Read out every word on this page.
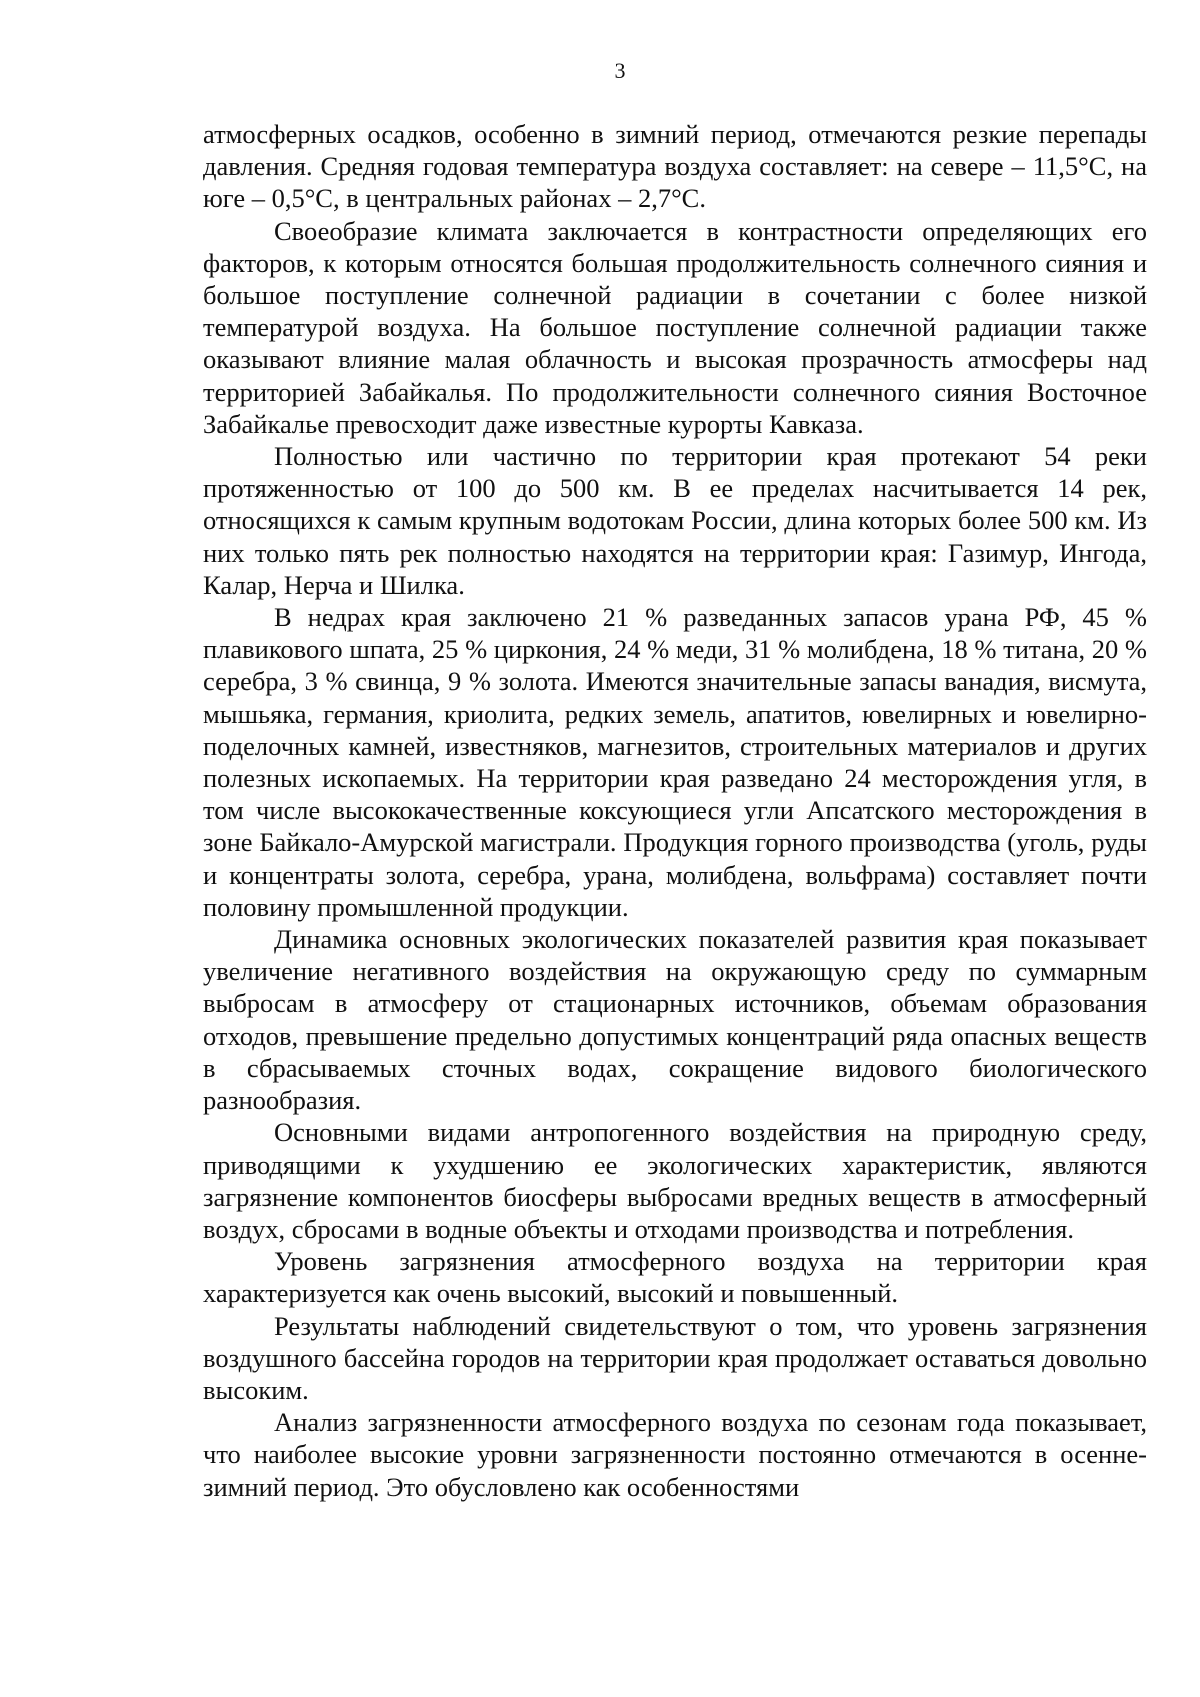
3

атмосферных осадков, особенно в зимний период, отмечаются резкие перепады давления. Средняя годовая температура воздуха составляет: на севере – 11,5°С, на юге – 0,5°С, в центральных районах – 2,7°С.

Своеобразие климата заключается в контрастности определяющих его факторов, к которым относятся большая продолжительность солнечного сияния и большое поступление солнечной радиации в сочетании с более низкой температурой воздуха. На большое поступление солнечной радиации также оказывают влияние малая облачность и высокая прозрачность атмосферы над территорией Забайкалья. По продолжительности солнечного сияния Восточное Забайкалье превосходит даже известные курорты Кавказа.

Полностью или частично по территории края протекают 54 реки протяженностью от 100 до 500 км. В ее пределах насчитывается 14 рек, относящихся к самым крупным водотокам России, длина которых более 500 км. Из них только пять рек полностью находятся на территории края: Газимур, Ингода, Калар, Нерча и Шилка.

В недрах края заключено 21 % разведанных запасов урана РФ, 45 % плавикового шпата, 25 % циркония, 24 % меди, 31 % молибдена, 18 % титана, 20 % серебра, 3 % свинца, 9 % золота. Имеются значительные запасы ванадия, висмута, мышьяка, германия, криолита, редких земель, апатитов, ювелирных и ювелирно-поделочных камней, известняков, магнезитов, строительных материалов и других полезных ископаемых. На территории края разведано 24 месторождения угля, в том числе высококачественные коксующиеся угли Апсатского месторождения в зоне Байкало-Амурской магистрали. Продукция горного производства (уголь, руды и концентраты золота, серебра, урана, молибдена, вольфрама) составляет почти половину промышленной продукции.

Динамика основных экологических показателей развития края показывает увеличение негативного воздействия на окружающую среду по суммарным выбросам в атмосферу от стационарных источников, объемам образования отходов, превышение предельно допустимых концентраций ряда опасных веществ в сбрасываемых сточных водах, сокращение видового биологического разнообразия.

Основными видами антропогенного воздействия на природную среду, приводящими к ухудшению ее экологических характеристик, являются загрязнение компонентов биосферы выбросами вредных веществ в атмосферный воздух, сбросами в водные объекты и отходами производства и потребления.

Уровень загрязнения атмосферного воздуха на территории края характеризуется как очень высокий, высокий и повышенный.

Результаты наблюдений свидетельствуют о том, что уровень загрязнения воздушного бассейна городов на территории края продолжает оставаться довольно высоким.

Анализ загрязненности атмосферного воздуха по сезонам года показывает, что наиболее высокие уровни загрязненности постоянно отмечаются в осенне-зимний период. Это обусловлено как особенностями
